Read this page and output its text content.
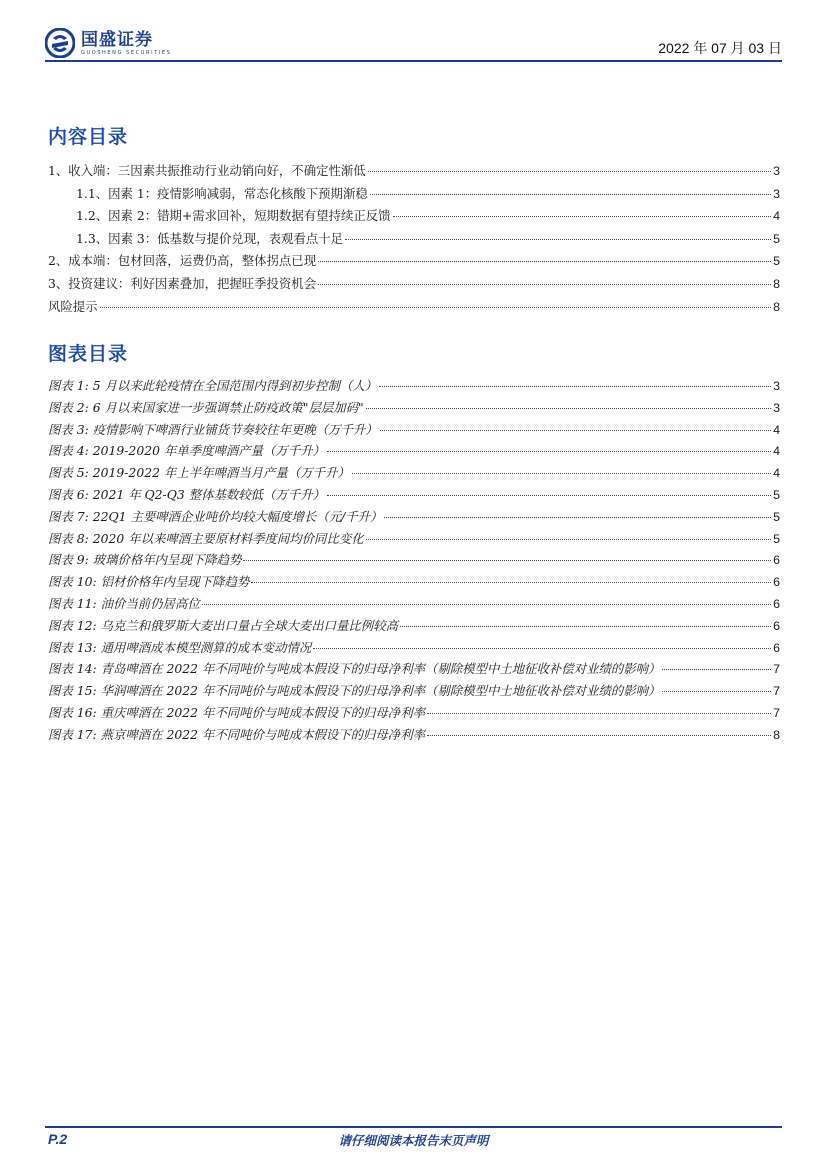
国盛证券
GUOSHENG SECURITIES	2022 年 07 月 03 日
内容目录
1、收入端：三因素共振推动行业动销向好，不确定性渐低	3
1.1、因素 1：疫情影响减弱，常态化核酸下预期渐稳	3
1.2、因素 2：错期+需求回补，短期数据有望持续正反馈	4
1.3、因素 3：低基数与提价兑现，表观看点十足	5
2、成本端：包材回落，运费仍高，整体拐点已现	5
3、投资建议：利好因素叠加，把握旺季投资机会	8
风险提示	8
图表目录
图表 1: 5 月以来此轮疫情在全国范围内得到初步控制（人）	3
图表 2: 6 月以来国家进一步强调禁止防疫政策"层层加码"	3
图表 3: 疫情影响下啤酒行业铺货节奏较往年更晚（万千升）	4
图表 4: 2019-2020 年单季度啤酒产量（万千升）	4
图表 5: 2019-2022 年上半年啤酒当月产量（万千升）	4
图表 6: 2021 年 Q2-Q3 整体基数较低（万千升）	5
图表 7: 22Q1 主要啤酒企业吨价均较大幅度增长（元/千升）	5
图表 8: 2020 年以来啤酒主要原材料季度间均价同比变化	5
图表 9: 玻璃价格年内呈现下降趋势	6
图表 10: 铝材价格年内呈现下降趋势	6
图表 11: 油价当前仍居高位	6
图表 12: 乌克兰和俄罗斯大麦出口量占全球大麦出口量比例较高	6
图表 13: 通用啤酒成本模型测算的成本变动情况	6
图表 14: 青岛啤酒在 2022 年不同吨价与吨成本假设下的归母净利率（剔除模型中土地征收补偿对业绩的影响）	7
图表 15: 华润啤酒在 2022 年不同吨价与吨成本假设下的归母净利率（剔除模型中土地征收补偿对业绩的影响）	7
图表 16: 重庆啤酒在 2022 年不同吨价与吨成本假设下的归母净利率	7
图表 17: 燕京啤酒在 2022 年不同吨价与吨成本假设下的归母净利率	8
请仔细阅读本报告末页声明
P.2
